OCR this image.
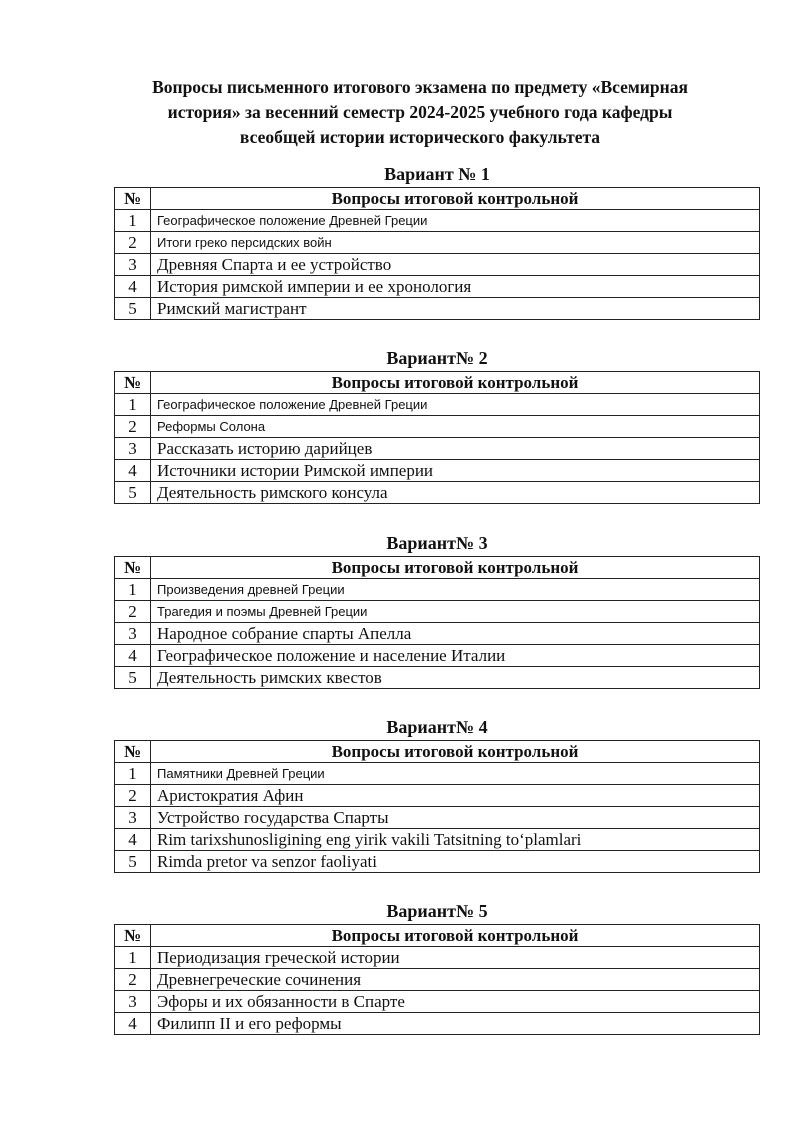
Вопросы письменного итогового экзамена по предмету «Всемирная
история» за весенний семестр 2024-2025 учебного года кафедры
всеобщей истории исторического факультета
Вариант № 1
№	Вопросы итоговой контрольной
1	Географическое положение Древней Греции
2	Итоги греко персидских войн
3	Древняя Спарта и ее устройство
4	История римской империи и ее хронология
5	Римский магистрант
Вариант№ 2
№	Вопросы итоговой контрольной
1	Географическое положение Древней Греции
2	Реформы Солона
3	Рассказать историю дарийцев
4	Источники истории Римской империи
5	Деятельность римского консула
Вариант№ 3
№	Вопросы итоговой контрольной
1	Произведения древней Греции
2	Трагедия и поэмы Древней Греции
3	Народное собрание спарты Апелла
4	Географическое положение и население Италии
5	Деятельность римских квестов
Вариант№ 4
№	Вопросы итоговой контрольной
1	Памятники Древней Греции
2	Аристократия Афин
3	Устройство государства Спарты
4	Rim tarixshunosligining eng yirik vakili Tatsitning to‘plamlari
5	Rimda pretor va senzor faoliyati
Вариант№ 5
№	Вопросы итоговой контрольной
1	Периодизация греческой истории
2	Древнегреческие сочинения
3	Эфоры и их обязанности в Спарте
4	Филипп II и его реформы
